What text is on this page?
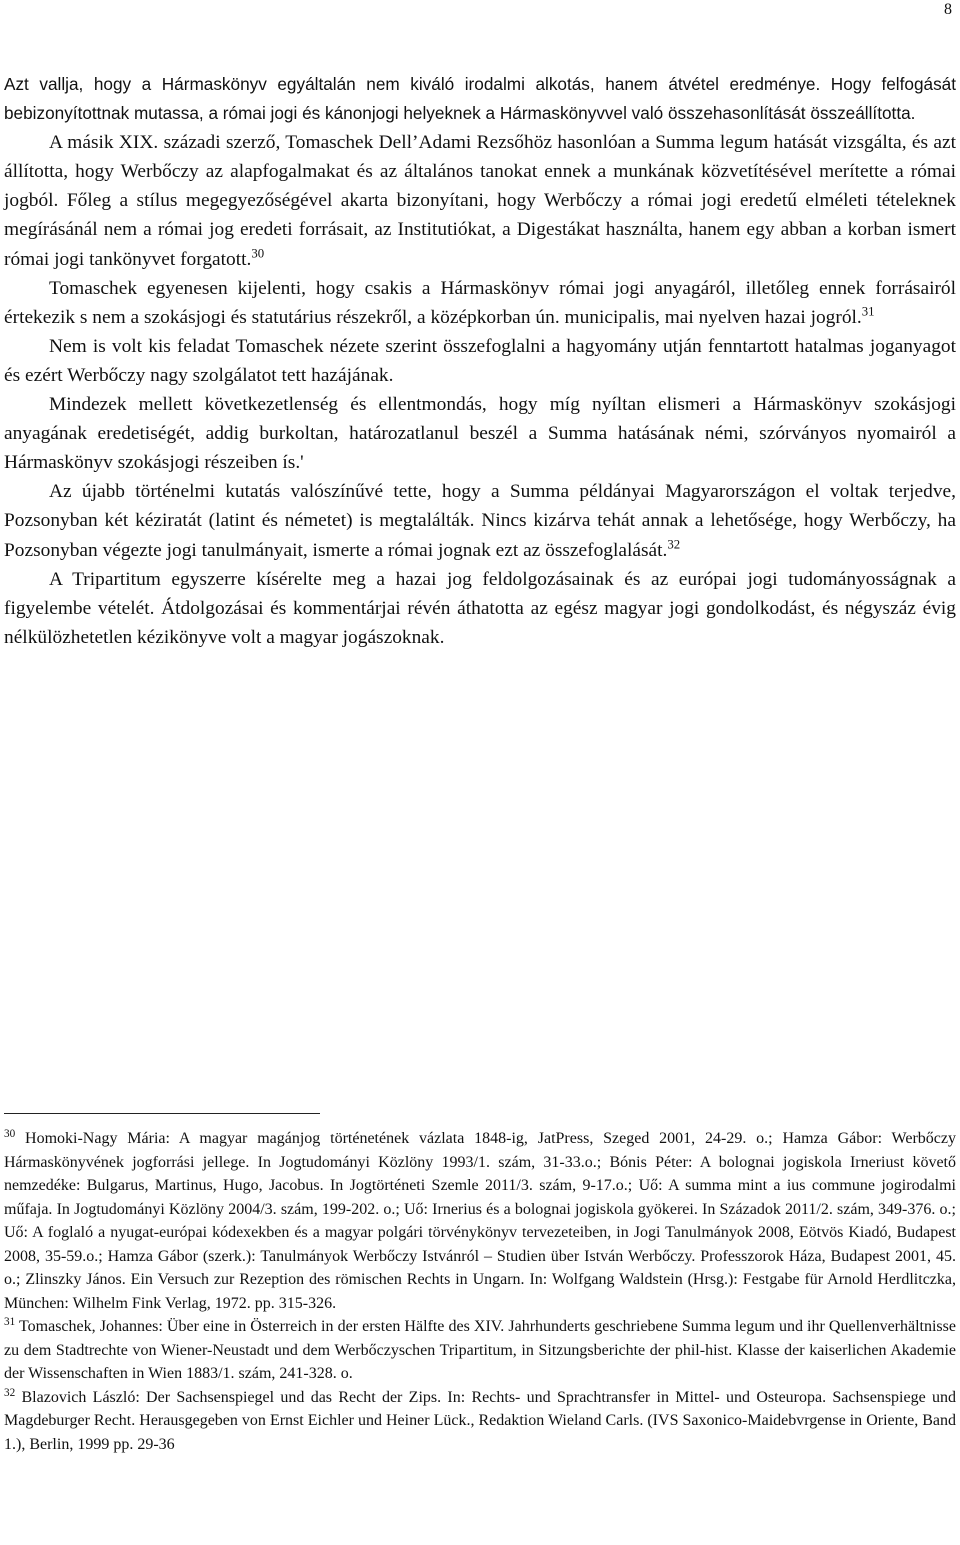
8

Azt vallja, hogy a Hármaskönyv egyáltalán nem kiváló irodalmi alkotás, hanem átvétel eredménye. Hogy felfogását bebizonyítottnak mutassa, a római jogi és kánonjogi helyeknek a Hármaskönyvvel való összehasonlítását összeállította.

A másik XIX. századi szerző, Tomaschek Dell’Adami Rezsőhöz hasonlóan a Summa legum hatását vizsgálta, és azt állította, hogy Werbőczy az alapfogalmakat és az általános tanokat ennek a munkának közvetítésével merítette a római jogból. Főleg a stílus megegyezőségével akarta bizonyítani, hogy Werbőczy a római jogi eredetű elméleti tételeknek megírásánál nem a római jog eredeti forrásait, az Institutiókat, a Digestákat használta, hanem egy abban a korban ismert római jogi tankönyvet forgatott.$^{30}$

Tomaschek egyenesen kijelenti, hogy csakis a Hármaskönyv római jogi anyagáról, illetőleg ennek forrásairól értekezik s nem a szokásjogi és statutárius részekről, a középkorban ún. municipalis, mai nyelven hazai jogról.$^{31}$

Nem is volt kis feladat Tomaschek nézete szerint összefoglalni a hagyomány utján fenntartott hatalmas joganyagot és ezért Werbőczy nagy szolgálatot tett hazájának.

Mindezek mellett következetlenség és ellentmondás, hogy míg nyíltan elismeri a Hármaskönyv szokásjogi anyagának eredetiségét, addig burkoltan, határozatlanul beszél a Summa hatásának némi, szórványos nyomairól a Hármaskönyv szokásjogi részeiben ís.'

Az újabb történelmi kutatás valószínűvé tette, hogy a Summa példányai Magyarországon el voltak terjedve, Pozsonyban két kéziratát (latint és németet) is megtalálták. Nincs kizárva tehát annak a lehetősége, hogy Werbőczy, ha Pozsonyban végezte jogi tanulmányait, ismerte a római jognak ezt az összefoglalását.$^{32}$

A Tripartitum egyszerre kísérelte meg a hazai jog feldolgozásainak és az európai jogi tudományosságnak a figyelembe vételét. Átdolgozásai és kommentárjai révén áthatotta az egész magyar jogi gondolkodást, és négyszáz évig nélkülözhetetlen kézikönyve volt a magyar jogászoknak.

$^{30}$ Homoki-Nagy Mária: A magyar magánjog történetének vázlata 1848-ig, JatPress, Szeged 2001, 24-29. o.; Hamza Gábor: Werbőczy Hármaskönyvének jogforrási jellege. In Jogtudományi Közlöny 1993/1. szám, 31-33.o.; Bónis Péter: A bolognai jogiskola Irneriust követő nemzedéke: Bulgarus, Martinus, Hugo, Jacobus. In Jogtörténeti Szemle 2011/3. szám, 9-17.o.; Uő: A summa mint a ius commune jogirodalmi műfaja. In Jogtudományi Közlöny 2004/3. szám, 199-202. o.; Uő: Irnerius és a bolognai jogiskola gyökerei. In Századok 2011/2. szám, 349-376. o.; Uő: A foglaló a nyugat-európai kódexekben és a magyar polgári törvénykönyv tervezeteiben, in Jogi Tanulmányok 2008, Eötvös Kiadó, Budapest 2008, 35-59.o.; Hamza Gábor (szerk.): Tanulmányok Werbőczy Istvánról – Studien über István Werbőczy. Professzorok Háza, Budapest 2001, 45. o.; Zlinszky János. Ein Versuch zur Rezeption des römischen Rechts in Ungarn. In: Wolfgang Waldstein (Hrsg.): Festgabe für Arnold Herdlitczka, München: Wilhelm Fink Verlag, 1972. pp. 315-326.

$^{31}$ Tomaschek, Johannes: Über eine in Österreich in der ersten Hälfte des XIV. Jahrhunderts geschriebene Summa legum und ihr Quellenverhältnisse zu dem Stadtrechte von Wiener-Neustadt und dem Werbőczyschen Tripartitum, in Sitzungsberichte der phil-hist. Klasse der kaiserlichen Akademie der Wissenschaften in Wien 1883/1. szám, 241-328. o.

$^{32}$ Blazovich László: Der Sachsenspiegel und das Recht der Zips. In: Rechts- und Sprachtransfer in Mittel- und Osteuropa. Sachsenspiege und Magdeburger Recht. Herausgegeben von Ernst Eichler und Heiner Lück., Redaktion Wieland Carls. (IVS Saxonico-Maidebvrgense in Oriente, Band 1.), Berlin, 1999 pp. 29-36
